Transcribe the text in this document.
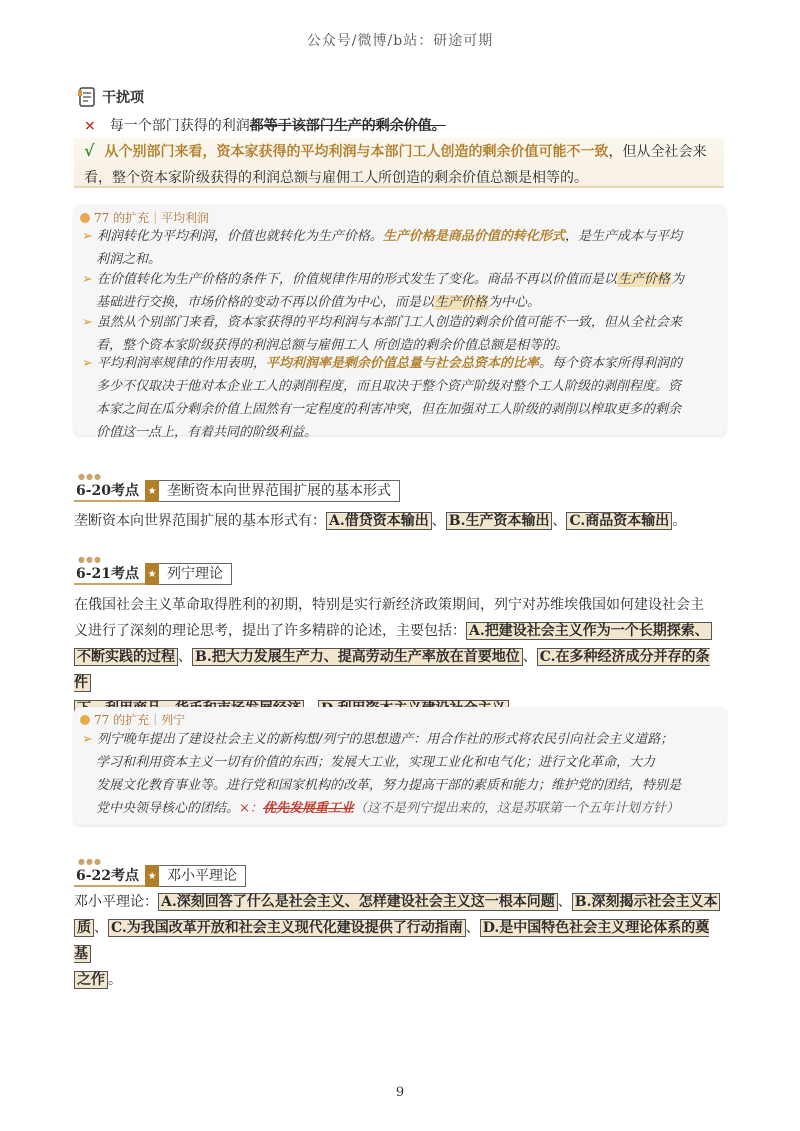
公众号/微博/b站：研途可期
干扰项
× 每一个部门获得的利润都等于该部门生产的剩余价值。
√ 从个别部门来看，资本家获得的平均利润与本部门工人创造的剩余价值可能不一致，但从全社会来看，整个资本家阶级获得的利润总额与雇佣工人所创造的剩余价值总额是相等的。
77 的扩充｜平均利润
➢ 利润转化为平均利润，价值也就转化为生产价格。生产价格是商品价值的转化形式，是生产成本与平均
利润之和。
➢ 在价值转化为生产价格的条件下，价值规律作用的形式发生了变化。商品不再以价值而是以生产价格为
基础进行交换，市场价格的变动不再以价值为中心，而是以生产价格为中心。
➢ 虽然从个别部门来看，资本家获得的平均利润与本部门工人创造的剩余价值可能不一致，但从全社会来
看，整个资本家阶级获得的利润总额与雇佣工人 所创造的剩余价值总额是相等的。
➢ 平均利润率规律的作用表明，平均利润率是剩余价值总量与社会总资本的比率。每个资本家所得利润的
多少不仅取决于他对本企业工人的剥削程度，而且取决于整个资产阶级对整个工人阶级的剥削程度。资
本家之间在瓜分剩余价值上固然有一定程度的利害冲突，但在加强对工人阶级的剥削以榨取更多的剩余
价值这一点上，有着共同的阶级利益。
●●●
6-20考点 ★ 垄断资本向世界范围扩展的基本形式
垄断资本向世界范围扩展的基本形式有： A.借贷资本输出 、 B.生产资本输出 、 C.商品资本输出 。
●●●
6-21考点 ★ 列宁理论
在俄国社会主义革命取得胜利的初期，特别是实行新经济政策期间，列宁对苏维埃俄国如何建设社会主
义进行了深刻的理论思考，提出了许多精辟的论述，主要包括： A.把建设社会主义作为一个长期探索、
不断实践的过程 、 B.把大力发展生产力、提高劳动生产率放在首要地位 、 C.在多种经济成分并存的条件

77 的扩充｜列宁
➢ 列宁晚年提出了建设社会主义的新构想/列宁的思想遗产：用合作社的形式将农民引向社会主义道路；
学习和利用资本主义一切有价值的东西；发展大工业，实现工业化和电气化；进行文化革命，大力
发展文化教育事业等。进行党和国家机构的改革，努力提高干部的素质和能力；维护党的团结，特别是
党中央领导核心的团结。×：优先发展重工业（这不是列宁提出来的，这是苏联第一个五年计划方针）
●●●
6-22考点 ★ 邓小平理论
邓小平理论： A.深刻回答了什么是社会主义、怎样建设社会主义这一根本问题 、 B.深刻揭示社会主义本
质 、 C.为我国改革开放和社会主义现代化建设提供了行动指南 、 D.是中国特色社会主义理论体系的奠基
之作 。
9
